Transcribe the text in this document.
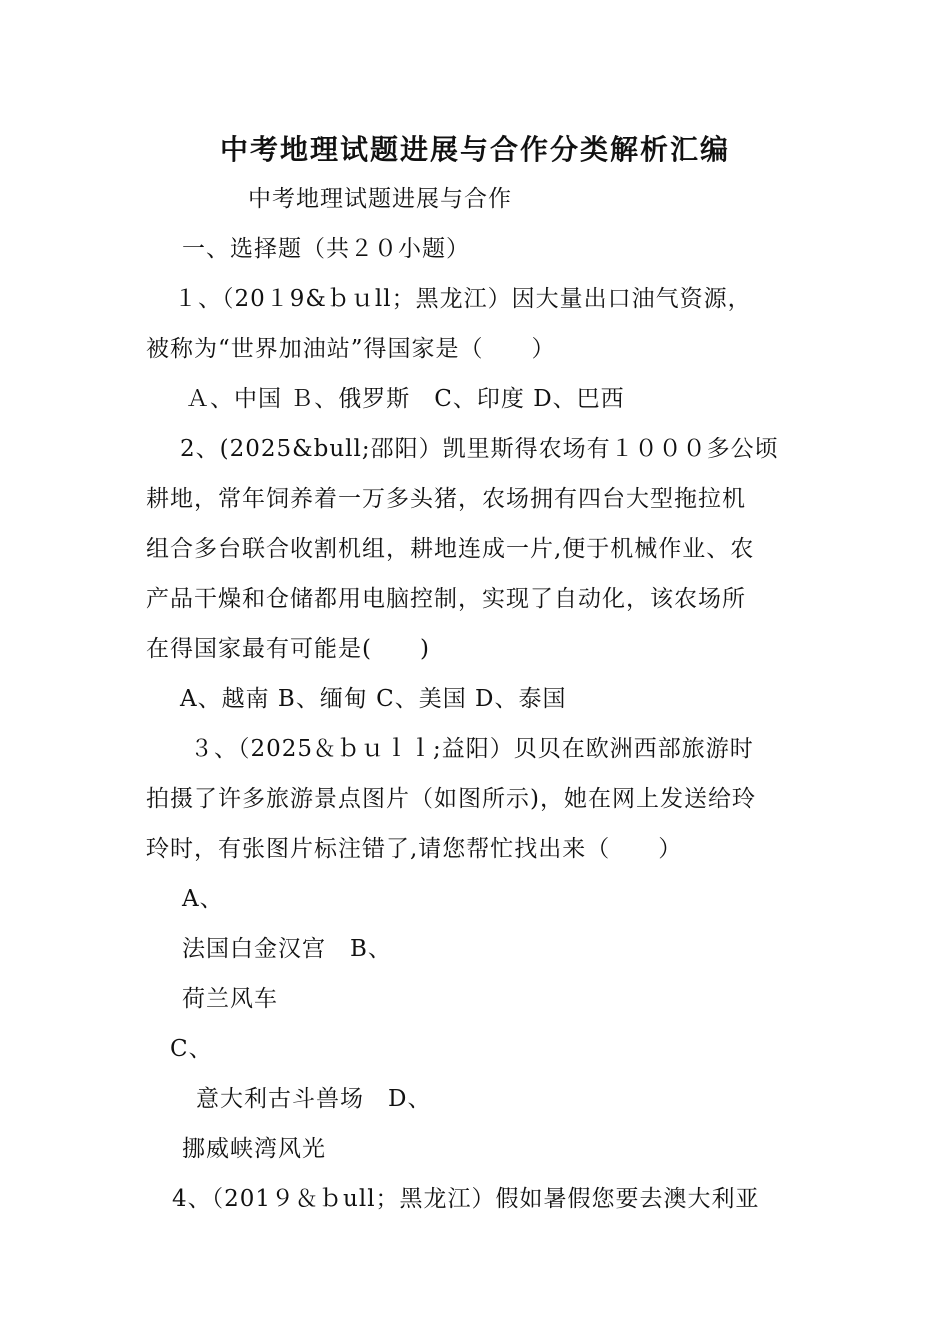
中考地理试题进展与合作分类解析汇编
中考地理试题进展与合作
一、选择题（共２０小题）
１、（20１9&ｂｕll；黑龙江）因大量出口油气资源，
被称为“世界加油站”得国家是（　　）
Ａ、中国 Ｂ、俄罗斯　C、印度 D、巴西
2、(2025&bull;邵阳）凯里斯得农场有１０００多公顷
耕地，常年饲养着一万多头猪，农场拥有四台大型拖拉机
组合多台联合收割机组，耕地连成一片,便于机械作业、农
产品干燥和仓储都用电脑控制，实现了自动化，该农场所
在得国家最有可能是(　　)
A、越南 B、缅甸 C、美国 D、泰国
３、（2025＆ｂｕｌｌ;益阳）贝贝在欧洲西部旅游时
拍摄了许多旅游景点图片（如图所示)，她在网上发送给玲
玲时，有张图片标注错了,请您帮忙找出来（　　）
A、
法国白金汉宫　B、
荷兰风车
C、
意大利古斗兽场　D、
挪威峡湾风光
4、（201９＆ｂull；黑龙江）假如暑假您要去澳大利亚
